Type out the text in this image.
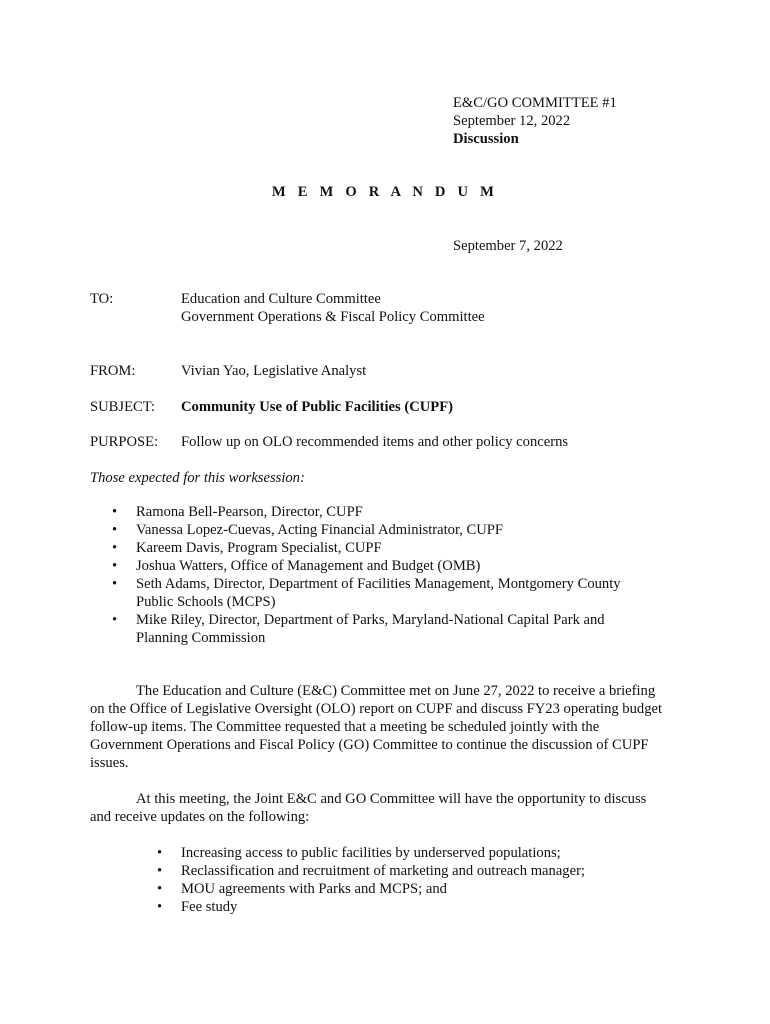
E&C/GO COMMITTEE #1
September 12, 2022
Discussion
M E M O R A N D U M
September 7, 2022
TO:	Education and Culture Committee
Government Operations & Fiscal Policy Committee
FROM:	Vivian Yao, Legislative Analyst
SUBJECT: Community Use of Public Facilities (CUPF)
PURPOSE: Follow up on OLO recommended items and other policy concerns
Those expected for this worksession:
•	Ramona Bell-Pearson, Director, CUPF
•	Vanessa Lopez-Cuevas, Acting Financial Administrator, CUPF
•	Kareem Davis, Program Specialist, CUPF
•	Joshua Watters, Office of Management and Budget (OMB)
•	Seth Adams, Director, Department of Facilities Management, Montgomery County
Public Schools (MCPS)
•	Mike Riley, Director, Department of Parks, Maryland-National Capital Park and
Planning Commission
The Education and Culture (E&C) Committee met on June 27, 2022 to receive a briefing
on the Office of Legislative Oversight (OLO) report on CUPF and discuss FY23 operating budget
follow-up items. The Committee requested that a meeting be scheduled jointly with the
Government Operations and Fiscal Policy (GO) Committee to continue the discussion of CUPF
issues.
At this meeting, the Joint E&C and GO Committee will have the opportunity to discuss
and receive updates on the following:
•	Increasing access to public facilities by underserved populations;
•	Reclassification and recruitment of marketing and outreach manager;
•	MOU agreements with Parks and MCPS; and
•	Fee study
